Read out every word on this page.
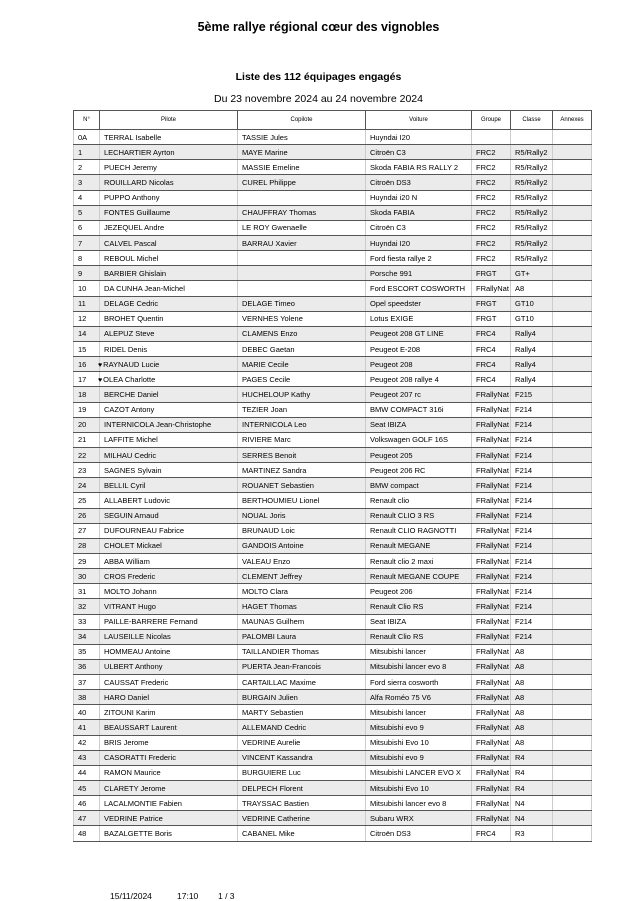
5ème rallye régional cœur des vignobles
Liste des 112 équipages engagés
Du 23 novembre 2024 au 24 novembre 2024
N°	Pilote	Copilote	Voiture	Groupe	Classe	Annexes
0A	TERRAL Isabelle	TASSIE Jules	Huyndai I20			
1	LECHARTIER Ayrton	MAYE Marine	Citroën C3	FRC2	R5/Rally2	
2	PUECH Jeremy	MASSIE Emeline	Skoda FABIA RS RALLY 2	FRC2	R5/Rally2	
3	ROUILLARD Nicolas	CUREL Philippe	Citroën DS3	FRC2	R5/Rally2	
4	PUPPO Anthony		Huyndai i20 N	FRC2	R5/Rally2	
5	FONTES Guillaume	CHAUFFRAY Thomas	Skoda FABIA	FRC2	R5/Rally2	
6	JEZEQUEL Andre	LE ROY Gwenaelle	Citroën C3	FRC2	R5/Rally2	
7	CALVEL Pascal	BARRAU Xavier	Huyndai I20	FRC2	R5/Rally2	
8	REBOUL Michel		Ford fiesta rallye 2	FRC2	R5/Rally2	
9	BARBIER Ghislain		Porsche 991	FRGT	GT+	
10	DA CUNHA Jean-Michel		Ford ESCORT COSWORTH	FRallyNat	A8	
11	DELAGE Cedric	DELAGE Timeo	Opel speedster	FRGT	GT10	
12	BROHET Quentin	VERNHES Yolene	Lotus EXIGE	FRGT	GT10	
14	ALEPUZ Steve	CLAMENS Enzo	Peugeot 208 GT LINE	FRC4	Rally4	
15	RIDEL Denis	DEBEC Gaetan	Peugeot E-208	FRC4	Rally4	
16	♥RAYNAUD Lucie	MARIE Cecile	Peugeot 208	FRC4	Rally4	
17	♥OLEA Charlotte	PAGES Cecile	Peugeot 208 rallye 4	FRC4	Rally4	
18	BERCHE Daniel	HUCHELOUP Kathy	Peugeot 207 rc	FRallyNat	F215	
19	CAZOT Antony	TEZIER Joan	BMW COMPACT 316i	FRallyNat	F214	
20	INTERNICOLA Jean-Christophe	INTERNICOLA Leo	Seat IBIZA	FRallyNat	F214	
21	LAFFITE Michel	RIVIERE Marc	Volkswagen GOLF 16S	FRallyNat	F214	
22	MILHAU Cedric	SERRES Benoit	Peugeot 205	FRallyNat	F214	
23	SAGNES Sylvain	MARTINEZ Sandra	Peugeot 206 RC	FRallyNat	F214	
24	BELLIL Cyril	ROUANET Sebastien	BMW compact	FRallyNat	F214	
25	ALLABERT Ludovic	BERTHOUMIEU Lionel	Renault clio	FRallyNat	F214	
26	SEGUIN Arnaud	NOUAL Joris	Renault CLIO 3 RS	FRallyNat	F214	
27	DUFOURNEAU Fabrice	BRUNAUD Loic	Renault CLIO RAGNOTTI	FRallyNat	F214	
28	CHOLET Mickael	GANDOIS Antoine	Renault MEGANE	FRallyNat	F214	
29	ABBA William	VALEAU Enzo	Renault clio 2 maxi	FRallyNat	F214	
30	CROS Frederic	CLEMENT Jeffrey	Renault MEGANE COUPE	FRallyNat	F214	
31	MOLTO Johann	MOLTO Clara	Peugeot 206	FRallyNat	F214	
32	VITRANT Hugo	HAGET Thomas	Renault Clio RS	FRallyNat	F214	
33	PAILLE-BARRERE Fernand	MAUNAS Guilhem	Seat IBIZA	FRallyNat	F214	
34	LAUSEILLE Nicolas	PALOMBI Laura	Renault Clio RS	FRallyNat	F214	
35	HOMMEAU Antoine	TAILLANDIER Thomas	Mitsubishi lancer	FRallyNat	A8	
36	ULBERT Anthony	PUERTA Jean-Francois	Mitsubishi lancer evo 8	FRallyNat	A8	
37	CAUSSAT Frederic	CARTAILLAC Maxime	Ford sierra cosworth	FRallyNat	A8	
38	HARO Daniel	BURGAIN Julien	Alfa Roméo 75 V6	FRallyNat	A8	
40	ZITOUNI Karim	MARTY Sebastien	Mitsubishi lancer	FRallyNat	A8	
41	BEAUSSART Laurent	ALLEMAND Cedric	Mitsubishi evo 9	FRallyNat	A8	
42	BRIS Jerome	VEDRINE Aurelie	Mitsubishi Evo 10	FRallyNat	A8	
43	CASORATTI Frederic	VINCENT Kassandra	Mitsubishi evo 9	FRallyNat	R4	
44	RAMON Maurice	BURGUIERE Luc	Mitsubishi LANCER EVO X	FRallyNat	R4	
45	CLARETY Jerome	DELPECH Florent	Mitsubishi Evo 10	FRallyNat	R4	
46	LACALMONTIE Fabien	TRAYSSAC Bastien	Mitsubishi lancer evo 8	FRallyNat	N4	
47	VEDRINE Patrice	VEDRINE Catherine	Subaru WRX	FRallyNat	N4	
48	BAZALGETTE Boris	CABANEL Mike	Citroën DS3	FRC4	R3	
15/11/2024	17:10 1 / 3
